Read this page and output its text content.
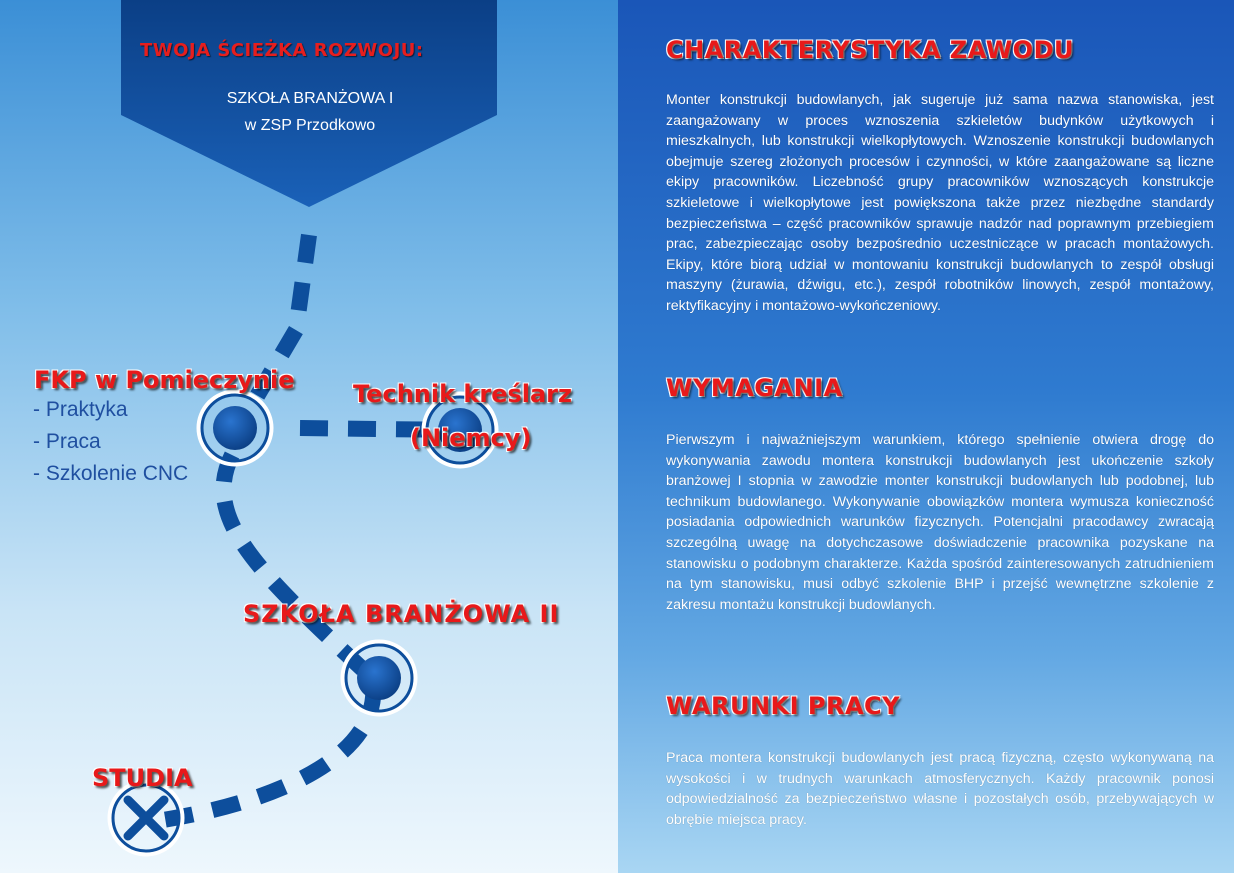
TWOJA ŚCIEŻKA ROZWOJU:
SZKOŁA BRANŻOWA I
w ZSP Przodkowo
FKP w Pomieczynie
- Praktyka
- Praca
- Szkolenie CNC
Technik kreślarz
(Niemcy)
SZKOŁA BRANŻOWA II
STUDIA
CHARAKTERYSTYKA ZAWODU
Monter konstrukcji budowlanych, jak sugeruje już sama nazwa stanowiska, jest zaangażowany w proces wznoszenia szkieletów budynków użytkowych i mieszkalnych, lub konstrukcji wielkopłytowych. Wznoszenie konstrukcji budowlanych obejmuje szereg złożonych procesów i czynności, w które zaangażowane są liczne ekipy pracowników. Liczebność grupy pracowników wznoszących konstrukcje szkieletowe i wielkopłytowe jest powiększona także przez niezbędne standardy bezpieczeństwa – część pracowników sprawuje nadzór nad poprawnym przebiegiem prac, zabezpieczając osoby bezpośrednio uczestniczące w pracach montażowych. Ekipy, które biorą udział w montowaniu konstrukcji budowlanych to zespół obsługi maszyny (żurawia, dźwigu, etc.), zespół robotników linowych, zespół montażowy, rektyfikacyjny i montażowo-wykończeniowy.
WYMAGANIA
Pierwszym i najważniejszym warunkiem, którego spełnienie otwiera drogę do wykonywania zawodu montera konstrukcji budowlanych jest ukończenie szkoły branżowej I stopnia w zawodzie monter konstrukcji budowlanych lub podobnej, lub technikum budowlanego. Wykonywanie obowiązków montera wymusza konieczność posiadania odpowiednich warunków fizycznych. Potencjalni pracodawcy zwracają szczególną uwagę na dotychczasowe doświadczenie pracownika pozyskane na stanowisku o podobnym charakterze. Każda spośród zainteresowanych zatrudnieniem na tym stanowisku, musi odbyć szkolenie BHP i przejść wewnętrzne szkolenie z zakresu montażu konstrukcji budowlanych.
WARUNKI PRACY
Praca montera konstrukcji budowlanych jest pracą fizyczną, często wykonywaną na wysokości i w trudnych warunkach atmosferycznych. Każdy pracownik ponosi odpowiedzialność za bezpieczeństwo własne i pozostałych osób, przebywających w obrębie miejsca pracy.
